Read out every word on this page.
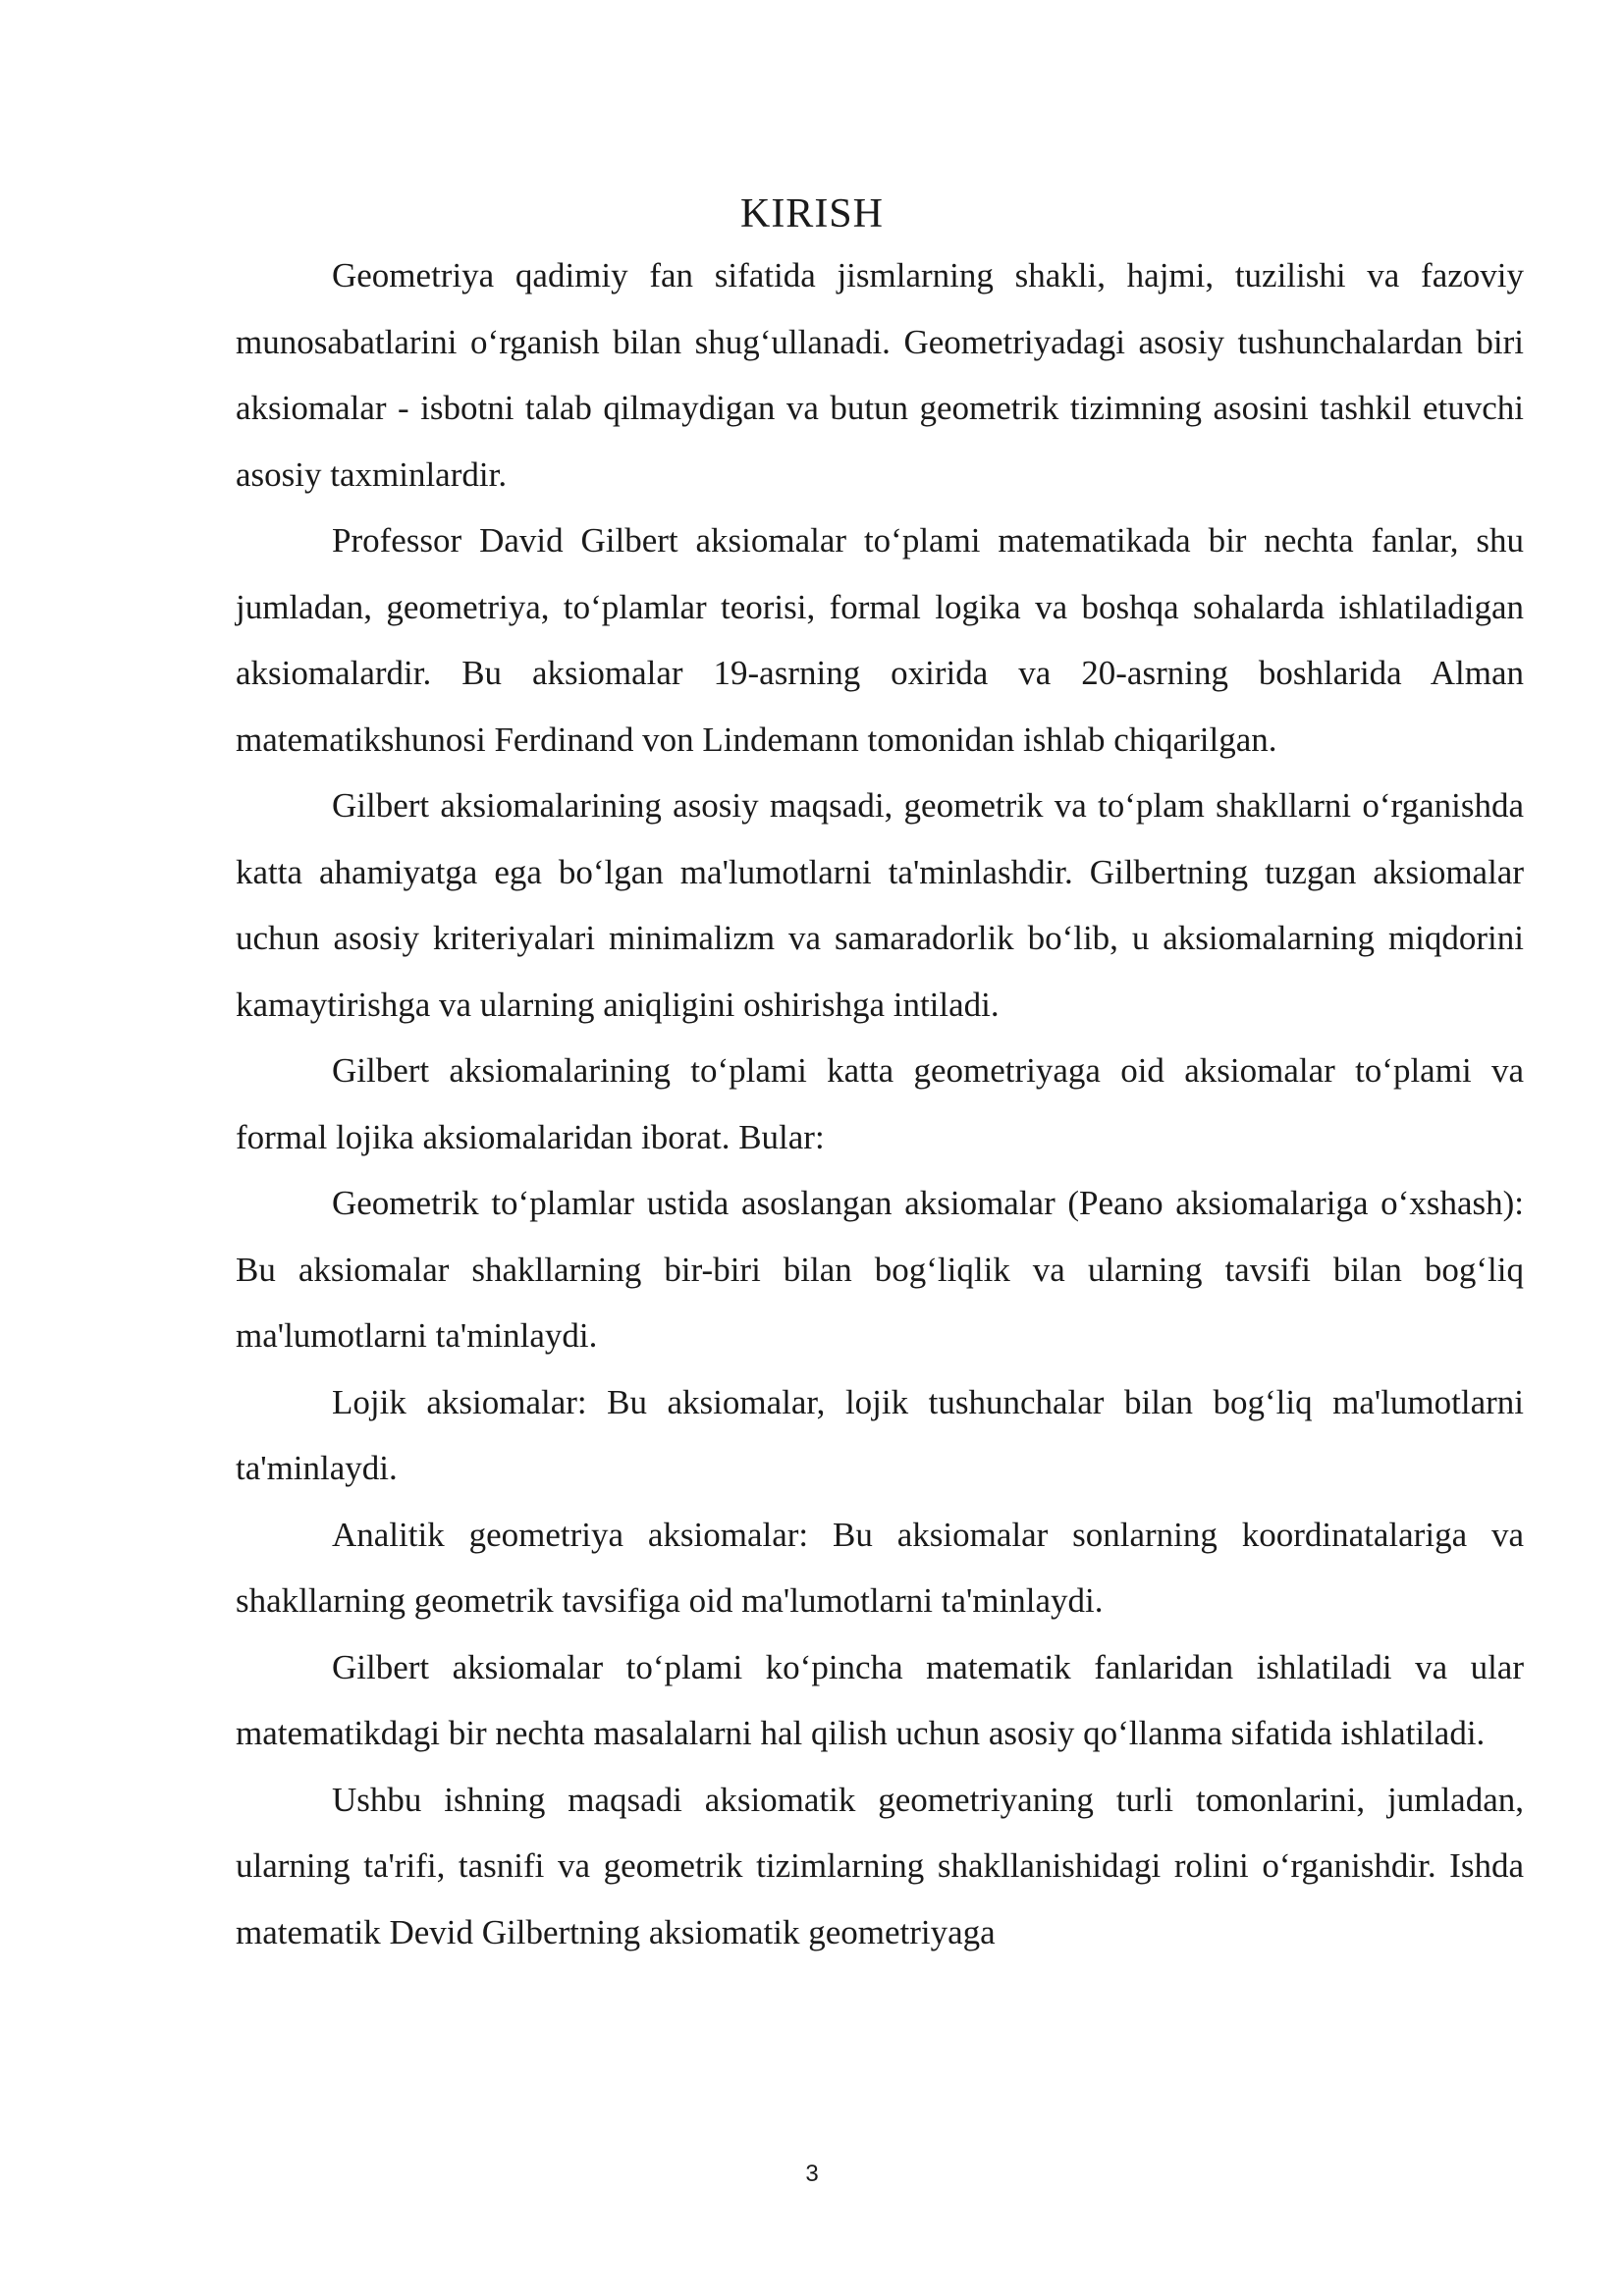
KIRISH

Geometriya qadimiy fan sifatida jismlarning shakli, hajmi, tuzilishi va fazoviy munosabatlarini o‘rganish bilan shug‘ullanadi. Geometriyadagi asosiy tushunchalardan biri aksiomalar - isbotni talab qilmaydigan va butun geometrik tizimning asosini tashkil etuvchi asosiy taxminlardir.

Professor David Gilbert aksiomalar to‘plami matematikada bir nechta fanlar, shu jumladan, geometriya, to‘plamlar teorisi, formal logika va boshqa sohalarda ishlatiladigan aksiomalardir. Bu aksiomalar 19-asrning oxirida va 20-asrning boshlarida Alman matematikshunosi Ferdinand von Lindemann tomonidan ishlab chiqarilgan.

Gilbert aksiomalarining asosiy maqsadi, geometrik va to‘plam shakllarni o‘rganishda katta ahamiyatga ega bo‘lgan ma'lumotlarni ta'minlashdir. Gilbertning tuzgan aksiomalar uchun asosiy kriteriyalari minimalizm va samaradorlik bo‘lib, u aksiomalarning miqdorini kamaytirishga va ularning aniqligini oshirishga intiladi.

Gilbert aksiomalarining to‘plami katta geometriyaga oid aksiomalar to‘plami va formal lojika aksiomalaridan iborat. Bular:

Geometrik to‘plamlar ustida asoslangan aksiomalar (Peano aksiomalariga o‘xshash): Bu aksiomalar shakllarning bir-biri bilan bog‘liqlik va ularning tavsifi bilan bog‘liq ma'lumotlarni ta'minlaydi.

Lojik aksiomalar: Bu aksiomalar, lojik tushunchalar bilan bog‘liq ma'lumotlarni ta'minlaydi.

Analitik geometriya aksiomalar: Bu aksiomalar sonlarning koordinatalariga va shakllarning geometrik tavsifiga oid ma'lumotlarni ta'minlaydi.

Gilbert aksiomalar to‘plami ko‘pincha matematik fanlaridan ishlatiladi va ular matematikdagi bir nechta masalalarni hal qilish uchun asosiy qo‘llanma sifatida ishlatiladi.

Ushbu ishning maqsadi aksiomatik geometriyaning turli tomonlarini, jumladan, ularning ta'rifi, tasnifi va geometrik tizimlarning shakllanishidagi rolini o‘rganishdir. Ishda matematik Devid Gilbertning aksiomatik geometriyaga

3
